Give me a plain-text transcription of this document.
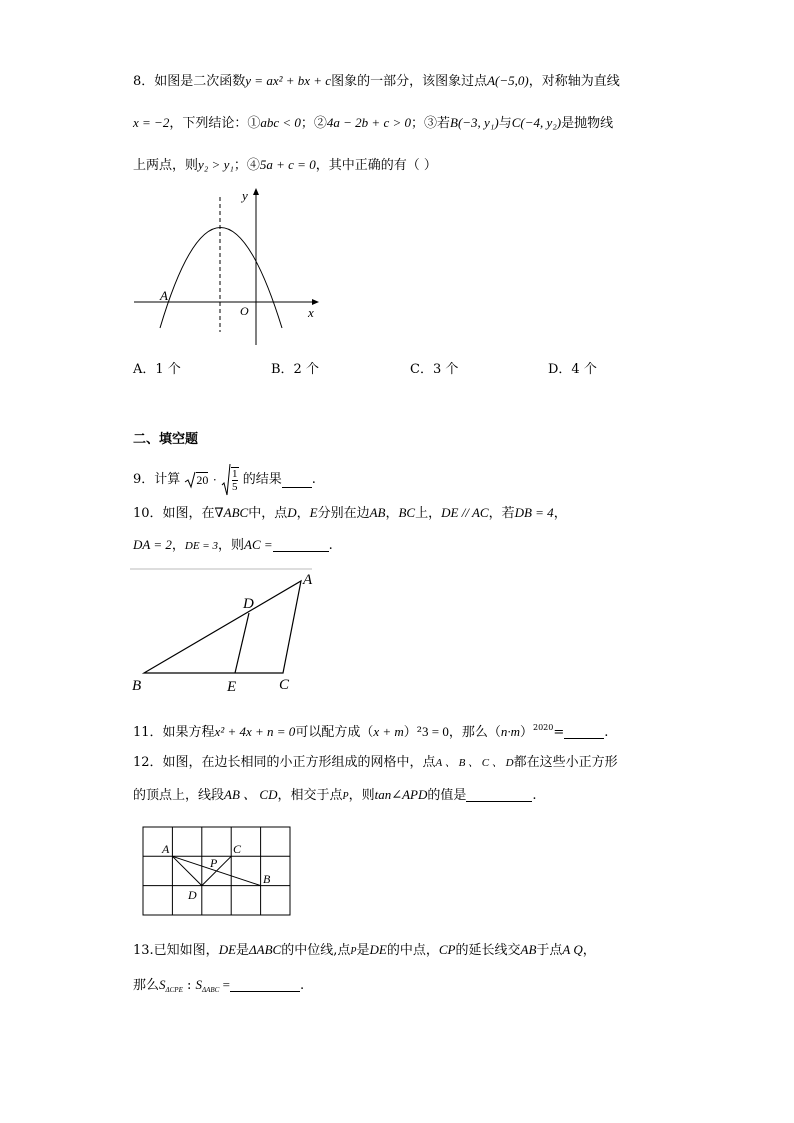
8．如图是二次函数y = ax² + bx + c图象的一部分，该图象过点A(−5,0)，对称轴为直线
x = −2，下列结论：①abc < 0；②4a − 2b + c > 0；③若B(−3, y₁)与C(−4, y₂)是抛物线
上两点，则y₂ > y₁；④5a + c = 0，其中正确的有（ ）
y
x
O
A
A．1 个	B．2 个	C．3 个	D．4 个
二、填空题
9．计算 $20 \cdot \frac{1}{5}$ 的结果 .
10．如图，在∇ABC中，点D，E分别在边AB，BC上，DE // AC，若DB = 4，
DA = 2，DE = 3，则AC =	.
A
B	C
D
E
11．如果方程x² + 4x + n = 0可以配方成（x + m）²3 = 0，那么$(n\cdot m)^{2020}=$	.
12．如图，在边长相同的小正方形组成的网格中，点A 、 B 、 C 、 D都在这些小正方形
的顶点上，线段AB 、 CD，相交于点P，则tan∠APD的值是	.
A	C
P
B
D
13.已知如图，DE是ΔABC的中位线,点P是DE的中点，CP的延长线交AB于点A Q，
那么$S_{\Delta CPE}$ : $S_{\Delta ABC}$ =	.
